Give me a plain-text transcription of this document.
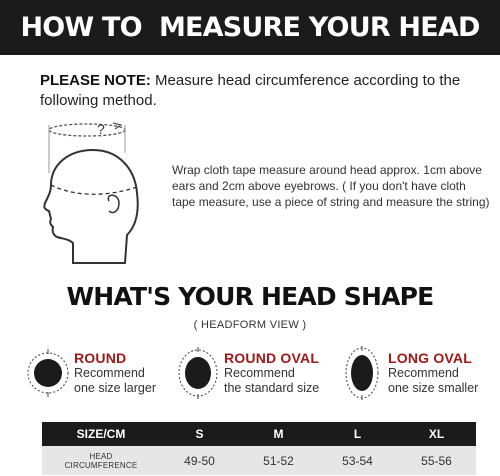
HOW TO  MEASURE YOUR HEAD

PLEASE NOTE: Measure head circumference according to the following method.

?

Wrap cloth tape measure around head approx. 1cm above ears and 2cm above eyebrows. ( If you don't have cloth tape measure, use a piece of string and measure the string)

WHAT'S YOUR HEAD SHAPE

( HEADFORM VIEW )

ROUND
Recommend
one size larger
ROUND OVAL
Recommend
the standard size
LONG OVAL
Recommend
one size smaller
SIZE/CM	S	M	L	XL
HEAD
CIRCUMFERENCE	49-50	51-52	53-54	55-56
